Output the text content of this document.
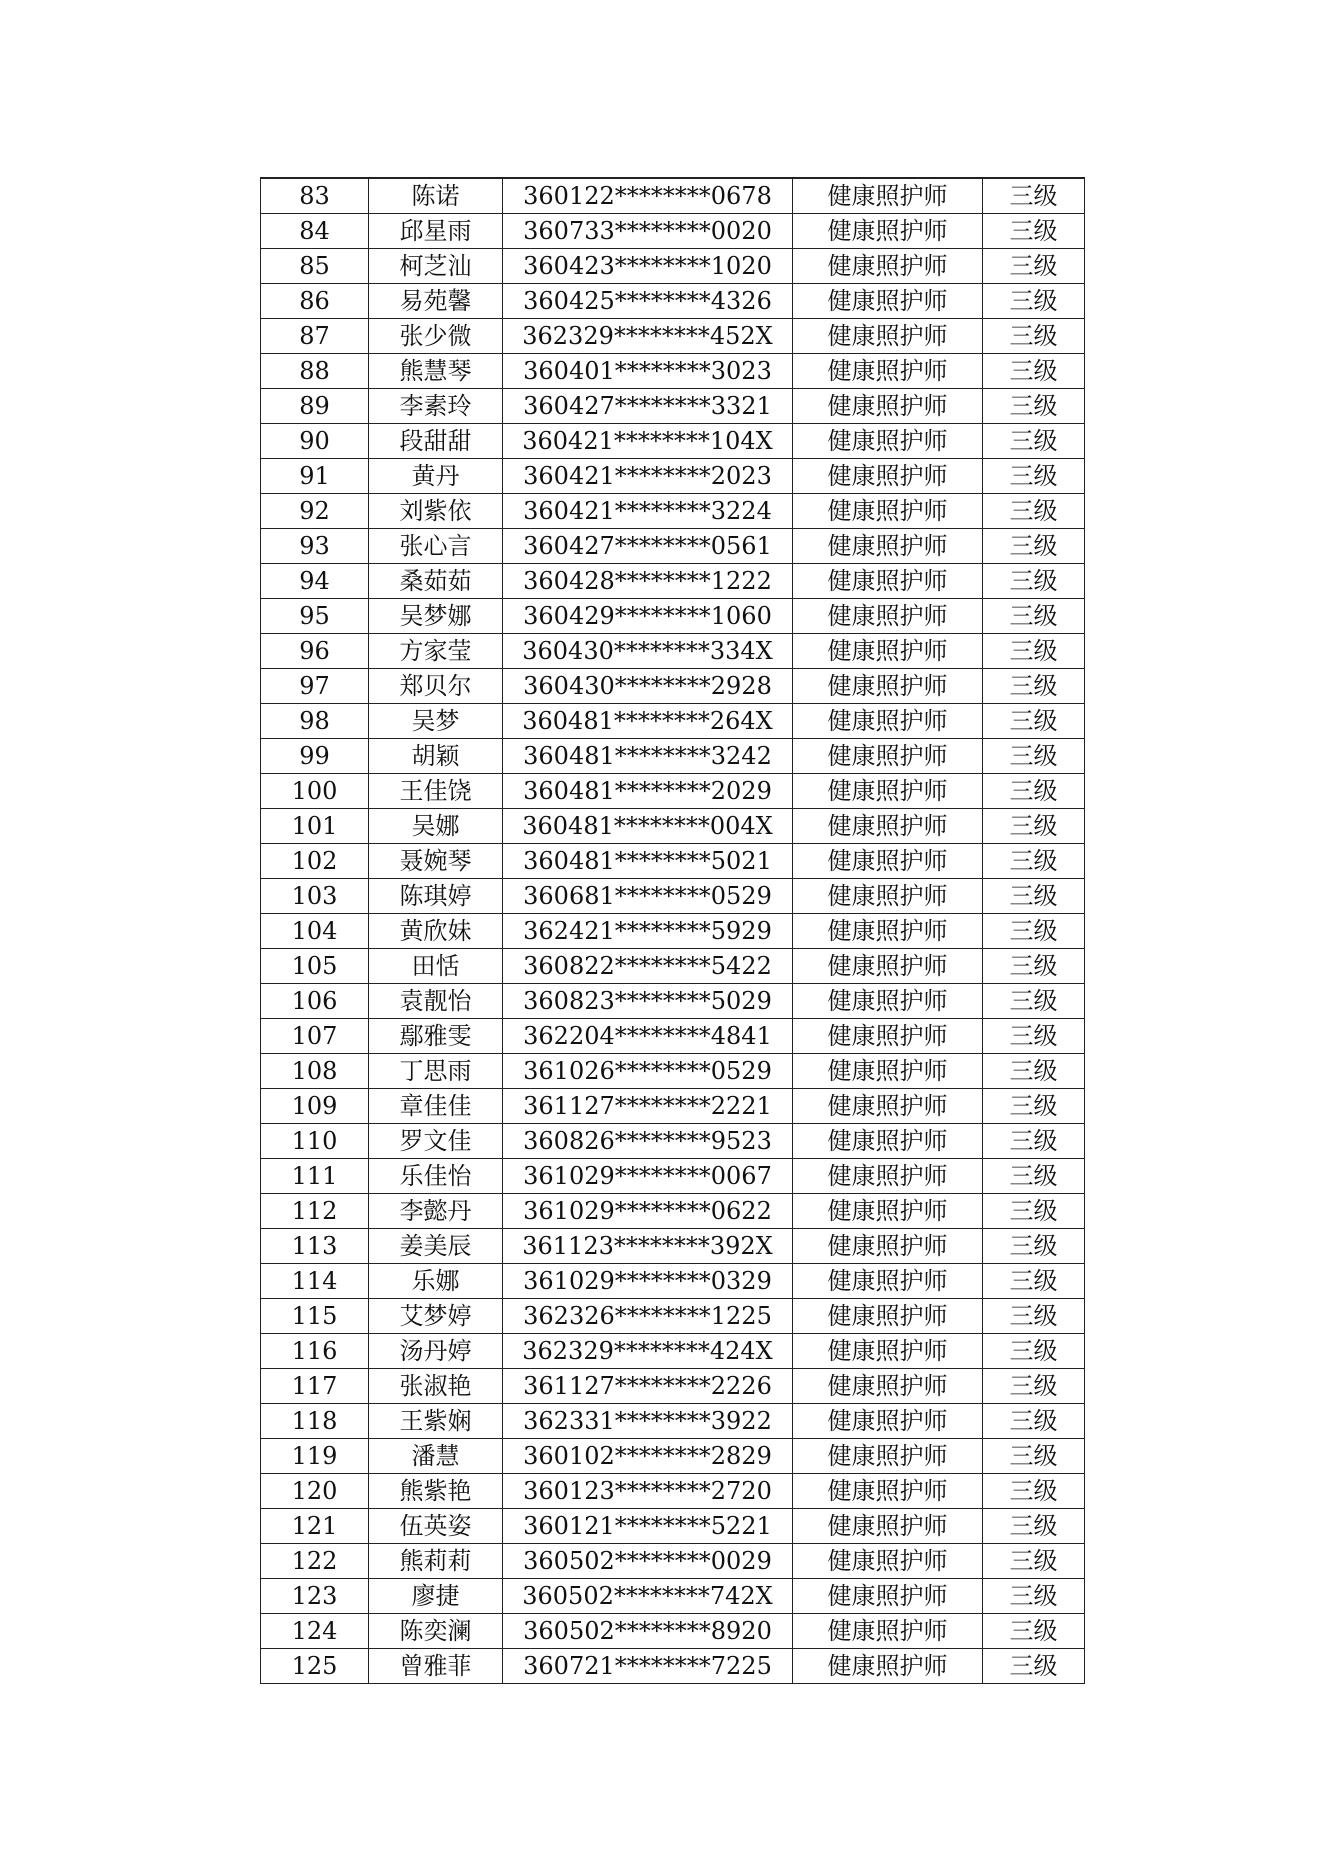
83	陈诺	360122********0678	健康照护师	三级
84	邱星雨	360733********0020	健康照护师	三级
85	柯芝汕	360423********1020	健康照护师	三级
86	易苑馨	360425********4326	健康照护师	三级
87	张少微	362329********452X	健康照护师	三级
88	熊慧琴	360401********3023	健康照护师	三级
89	李素玲	360427********3321	健康照护师	三级
90	段甜甜	360421********104X	健康照护师	三级
91	黄丹	360421********2023	健康照护师	三级
92	刘紫依	360421********3224	健康照护师	三级
93	张心言	360427********0561	健康照护师	三级
94	桑茹茹	360428********1222	健康照护师	三级
95	吴梦娜	360429********1060	健康照护师	三级
96	方家莹	360430********334X	健康照护师	三级
97	郑贝尔	360430********2928	健康照护师	三级
98	吴梦	360481********264X	健康照护师	三级
99	胡颖	360481********3242	健康照护师	三级
100	王佳饶	360481********2029	健康照护师	三级
101	吴娜	360481********004X	健康照护师	三级
102	聂婉琴	360481********5021	健康照护师	三级
103	陈琪婷	360681********0529	健康照护师	三级
104	黄欣妹	362421********5929	健康照护师	三级
105	田恬	360822********5422	健康照护师	三级
106	袁靓怡	360823********5029	健康照护师	三级
107	鄢雅雯	362204********4841	健康照护师	三级
108	丁思雨	361026********0529	健康照护师	三级
109	章佳佳	361127********2221	健康照护师	三级
110	罗文佳	360826********9523	健康照护师	三级
111	乐佳怡	361029********0067	健康照护师	三级
112	李懿丹	361029********0622	健康照护师	三级
113	姜美辰	361123********392X	健康照护师	三级
114	乐娜	361029********0329	健康照护师	三级
115	艾梦婷	362326********1225	健康照护师	三级
116	汤丹婷	362329********424X	健康照护师	三级
117	张淑艳	361127********2226	健康照护师	三级
118	王紫娴	362331********3922	健康照护师	三级
119	潘慧	360102********2829	健康照护师	三级
120	熊紫艳	360123********2720	健康照护师	三级
121	伍英姿	360121********5221	健康照护师	三级
122	熊莉莉	360502********0029	健康照护师	三级
123	廖捷	360502********742X	健康照护师	三级
124	陈奕澜	360502********8920	健康照护师	三级
125	曾雅菲	360721********7225	健康照护师	三级
